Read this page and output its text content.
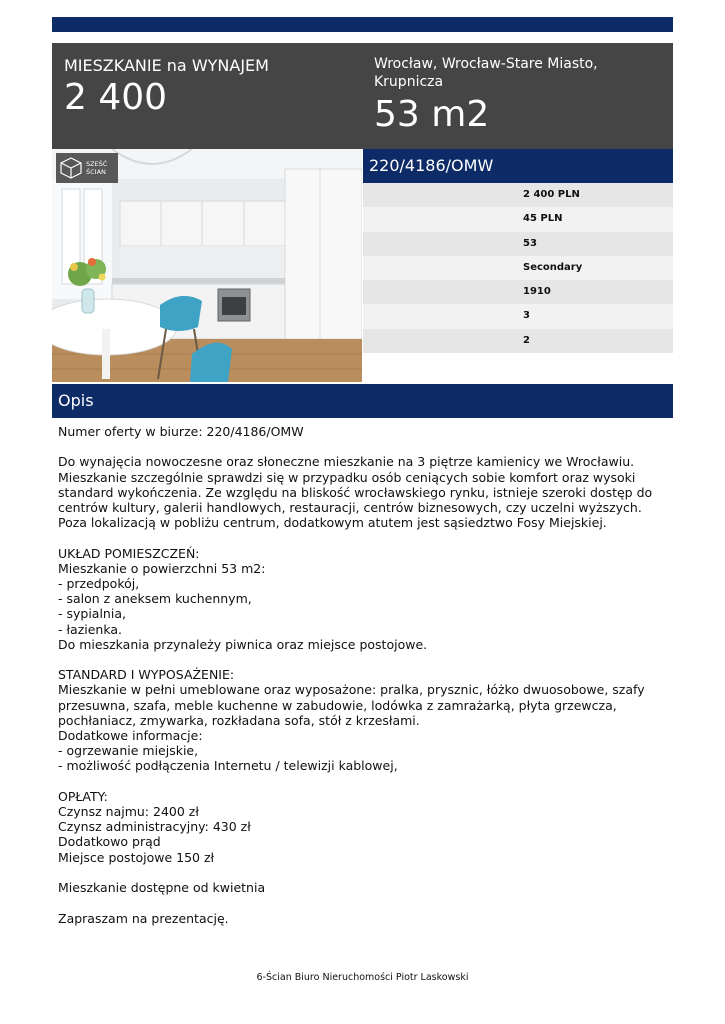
MIESZKANIE na WYNAJEM
2 400
Wrocław, Wrocław-Stare Miasto, Krupnicza
53 m2
SZEŚĆ
ŚCIAN	220/4186/OMW
2 400 PLN
45 PLN
53
Secondary
1910
3
2
Opis
Numer oferty w biurze: 220/4186/OMW

Do wynajęcia nowoczesne oraz słoneczne mieszkanie na 3 piętrze kamienicy we Wrocławiu. Mieszkanie szczególnie sprawdzi się w przypadku osób ceniących sobie komfort oraz wysoki standard wykończenia. Ze względu na bliskość wrocławskiego rynku, istnieje szeroki dostęp do centrów kultury, galerii handlowych, restauracji, centrów biznesowych, czy uczelni wyższych. Poza lokalizacją w pobliżu centrum, dodatkowym atutem jest sąsiedztwo Fosy Miejskiej.

UKŁAD POMIESZCZEŃ:
Mieszkanie o powierzchni 53 m2:
- przedpokój,
- salon z aneksem kuchennym,
- sypialnia,
- łazienka.
Do mieszkania przynależy piwnica oraz miejsce postojowe.

STANDARD I WYPOSAŻENIE:
Mieszkanie w pełni umeblowane oraz wyposażone: pralka, prysznic, łóżko dwuosobowe, szafy przesuwna, szafa, meble kuchenne w zabudowie, lodówka z zamrażarką, płyta grzewcza, pochłaniacz, zmywarka, rozkładana sofa, stół z krzesłami.
Dodatkowe informacje:
- ogrzewanie miejskie,
- możliwość podłączenia Internetu / telewizji kablowej,

OPŁATY:
Czynsz najmu: 2400 zł
Czynsz administracyjny: 430 zł
Dodatkowo prąd
Miejsce postojowe 150 zł

Mieszkanie dostępne od kwietnia

Zapraszam na prezentację.
6-Ścian Biuro Nieruchomości Piotr Laskowski
